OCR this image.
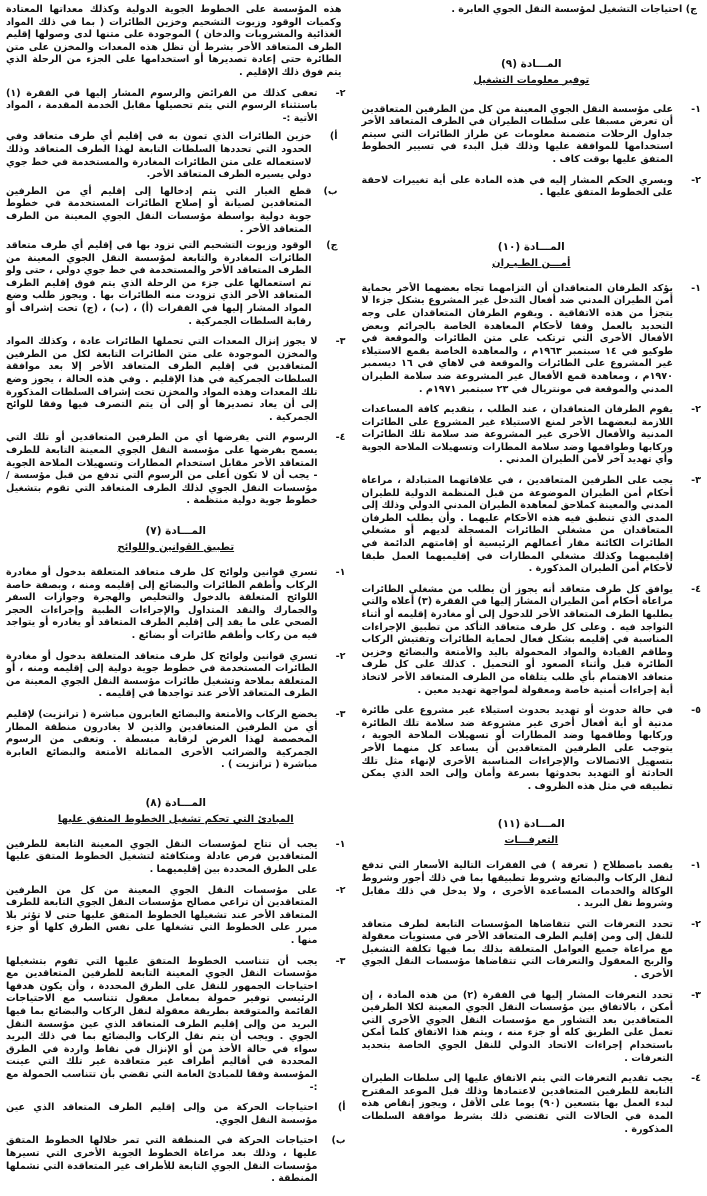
ج) احتياجات التشغيل لمؤسسة النقل الجوي العابرة .
المـــادة (٩)
توفير معلومات التشغيل
١-
على مؤسسة النقل الجوي المعينة من كل من الطرفين المتعاقدين أن تعرض مسبقا على سلطات الطيران في الطرف المتعاقد الأخر جداول الرحلات متضمنة معلومات عن طراز الطائرات التي سيتم استخدامها للموافقة عليها وذلك قبل البدء في تسيير الخطوط المتفق عليها بوقت كاف .
٢-
ويسري الحكم المشار إليه في هذه المادة على أية تغييرات لاحقة على الخطوط المتفق عليها .
المـــادة (١٠)
أمـــن الطـيـران
١-
يؤكد الطرفان المتعاقدان أن التزامهما تجاه بعضهما الأخر بحماية أمن الطيران المدني ضد أفعال التدخل غير المشروع يشكل جزءا لا يتجزأ من هذه الاتفاقية . ويقوم الطرفان المتعاقدان على وجه التحديد بالعمل وفقا لأحكام المعاهدة الخاصة بالجرائم وبعض الأفعال الأخرى التي ترتكب على متن الطائرات والموقعة في طوكيو في ١٤ سبتمبر ١٩٦٣م ، والمعاهدة الخاصة بقمع الاستيلاء غير المشروع على الطائرات والموقعة في لاهاي في ١٦ ديسمبر ١٩٧٠م ، ومعاهدة قمع الأفعال غير المشروعة ضد سلامة الطيران المدني والموقعة في مونتريال في ٢٣ سبتمبر ١٩٧١م .
٢-
يقوم الطرفان المتعاقدان ، عند الطلب ، بتقديم كافة المساعدات اللازمة لبعضهما الأخر لمنع الاستيلاء غير المشروع على الطائرات المدنية والأفعال الأخرى غير المشروعة ضد سلامة تلك الطائرات وركابها وطواقمها وضد سلامة المطارات وتسهيلات الملاحة الجوية وأي تهديد آخر لأمن الطيران المدني .
٣-
يجب على الطرفين المتعاقدين ، في علاقاتهما المتبادلة ، مراعاة أحكام أمن الطيران الموضوعة من قبل المنظمة الدولية للطيران المدني والمعينة كملاحق لمعاهدة الطيران المدني الدولي وذلك إلى المدى الذي تنطبق فيه هذه الأحكام عليهما . وأن يطلب الطرفان المتعاقدان من مشغلي الطائرات المسجلة لديهم أو مشغلي الطائرات الكائنة مقار أعمالهم الرئيسية أو إقامتهم الدائمة في إقليميهما وكذلك مشغلي المطارات في إقليميهما العمل طبقا لأحكام أمن الطيران المذكورة .
٤-
يوافق كل طرف متعاقد أنه يجوز أن يطلب من مشغلي الطائرات مراعاة أحكام أمن الطيران المشار إليها في الفقرة (٣) أعلاه والتي يطلبها الطرف المتعاقد الأخر للدخول إلى أو مغادرة إقليمه أو أثناء التواجد فيه . وعلى كل طرف متعاقد التأكد من تطبيق الإجراءات المناسبة في إقليمه بشكل فعال لحماية الطائرات وتفتيش الركاب وطاقم القيادة والمواد المحمولة باليد والأمتعة والبضائع وخزين الطائرة قبل وأثناء الصعود أو التحميل . كذلك على كل طرف متعاقد الاهتمام بأي طلب يتلقاه من الطرف المتعاقد الأخر لاتخاذ أية إجراءات أمنية خاصة ومعقولة لمواجهة تهديد معين .
٥-
في حالة حدوث أو تهديد بحدوث استيلاء غير مشروع على طائرة مدنية أو أية أفعال أخرى غير مشروعة ضد سلامة تلك الطائرة وركابها وطاقمها وضد المطارات أو تسهيلات الملاحة الجوية ، يتوجب على الطرفين المتعاقدين أن يساعد كل منهما الأخر بتسهيل الاتصالات والإجراءات المناسبة الأخرى لإنهاء مثل تلك الحادثة أو التهديد بحدوثها بسرعة وأمان وإلى الحد الذي يمكن تطبيقه في مثل هذه الظروف .
المـــادة (١١)
التعرفـــات
١-
يقصد باصطلاح ( تعرفة ) في الفقرات التالية الأسعار التي تدفع لنقل الركاب والبضائع وشروط تطبيقها بما في ذلك أجور وشروط الوكالة والخدمات المساعدة الأخرى ، ولا يدخل في ذلك مقابل وشروط نقل البريد .
٢-
تحدد التعرفات التي تتقاضاها المؤسسات التابعة لطرف متعاقد للنقل إلى ومن إقليم الطرف المتعاقد الأخر في مستويات معقولة مع مراعاة جميع العوامل المتعلقة بذلك بما فيها تكلفة التشغيل والربح المعقول والتعرفات التي تتقاضاها مؤسسات النقل الجوي الأخرى .
٣-
تحدد التعرفات المشار إليها في الفقرة (٢) من هذه المادة ، إن أمكن ، بالاتفاق بين مؤسسات النقل الجوي المعينة لكلا الطرفين المتعاقدين بعد التشاور مع مؤسسات النقل الجوي الأخرى التي تعمل على الطريق كله أو جزء منه ، ويتم هذا الاتفاق كلما أمكن باستخدام إجراءات الاتحاد الدولي للنقل الجوي الخاصة بتحديد التعرفات .
٤-
يجب تقديم التعرفات التي يتم الاتفاق عليها إلى سلطات الطيران التابعة للطرفين المتعاقدين لاعتمادها وذلك قبل الموعد المقترح لبدء العمل بها بتسعين (٩٠) يوما على الأقل ، ويجوز إنقاص هذه المدة في الحالات التي تقتضي ذلك بشرط موافقة السلطات المذكورة .
هذه المؤسسة على الخطوط الجوية الدولية وكذلك معداتها المعتادة وكميات الوقود وزيوت التشحيم وخزين الطائرات ( بما في ذلك المواد الغذائية والمشروبات والدخان ) الموجودة على متنها لدى وصولها إقليم الطرف المتعاقد الأخر بشرط أن تظل هذه المعدات والمخزن على متن الطائرة حتى إعادة تصديرها أو استخدامها على الجزء من الرحلة الذي يتم فوق ذلك الإقليم .
٢-
تعفى كذلك من الفرائض والرسوم المشار إليها في الفقرة (١) باستثناء الرسوم التي يتم تحصيلها مقابل الخدمة المقدمة ، المواد الأتية :-
أ)
خزين الطائرات الذي تمون به في إقليم أي طرف متعاقد وفي الحدود التي تحددها السلطات التابعة لهذا الطرف المتعاقد وذلك لاستعماله على متن الطائرات المغادرة والمستخدمة في خط جوي دولي يسيره الطرف المتعاقد الأخر.
ب)
قطع الغيار التي يتم إدخالها إلى إقليم أي من الطرفين المتعاقدين لصيانة أو إصلاح الطائرات المستخدمة في خطوط جوية دولية بواسطة مؤسسات النقل الجوي المعينة من الطرف المتعاقد الأخر .
ج)
الوقود وزيوت التشحيم التي تزود بها في إقليم أي طرف متعاقد الطائرات المغادرة والتابعة لمؤسسة النقل الجوي المعينة من الطرف المتعاقد الأخر والمستخدمة في خط جوي دولي ، حتى ولو تم استعمالها على جزء من الرحلة الذي يتم فوق إقليم الطرف المتعاقد الأخر الذي تزودت منه الطائرات بها . ويجوز طلب وضع المواد المشار إليها في الفقرات (أ) ، (ب) ، (ج) تحت إشراف أو رقابة السلطات الجمركية .
٣-
لا يجوز إنزال المعدات التي تحملها الطائرات عادة ، وكذلك المواد والمخزن الموجودة على متن الطائرات التابعة لكل من الطرفين المتعاقدين في إقليم الطرف المتعاقد الأخر إلا بعد موافقة السلطات الجمركية في هذا الإقليم . وفي هذه الحالة ، يجوز وضع تلك المعدات وهذه المواد والمخزن تحت إشراف السلطات المذكورة إلى أن يعاد تصديرها أو إلى أن يتم التصرف فيها وفقا للوائح الجمركية .
٤-
الرسوم التي يفرضها أي من الطرفين المتعاقدين أو تلك التي يسمح بفرضها على مؤسسة النقل الجوي المعينة التابعة للطرف المتعاقد الأخر مقابل استخدام المطارات وتسهيلات الملاحة الجوية - يجب أن لا تكون أعلى من الرسوم التي تدفع من قبل مؤسسة / مؤسسات النقل الجوي لذلك الطرف المتعاقد التي تقوم بتشغيل خطوط جوية دولية منتظمة .
المـــادة (٧)
تطبيق القوانين واللوائح
١-
تسري قوانين ولوائح كل طرف متعاقد المتعلقة بدخول أو مغادرة الركاب وأطقم الطائرات والبضائع إلى إقليمه ومنه ، وبصفة خاصة اللوائح المتعلقة بالدخول والتخليص والهجرة وجوازات السفر والجمارك والنقد المتداول والإجراءات الطبية وإجراءات الحجر الصحي على ما يفد إلى إقليم الطرف المتعاقد أو يغادره أو يتواجد فيه من ركاب وأطقم طائرات أو بضائع .
٢-
تسري قوانين ولوائح كل طرف متعاقد المتعلقة بدخول أو مغادرة الطائرات المستخدمة في خطوط جوية دولية إلى إقليمه ومنه ، أو المتعلقة بملاحة وتشغيل طائرات مؤسسة النقل الجوي المعينة من الطرف المتعاقد الأخر عند تواجدها في إقليمه .
٣-
يخضع الركاب والأمتعة والبضائع العابرون مباشرة ( ترانزيت) لإقليم أي من الطرفين المتعاقدين والذين لا يغادرون منطقة المطار المخصصة لهذا الغرض لرقابة مبسطة . وتعفى من الرسوم الجمركية والضرائب الأخرى المماثلة الأمتعة والبضائع العابرة مباشرة ( ترانزيت ) .
المـــادة (٨)
المبادئ التي تحكم تشغيل الخطوط المتفق عليها
١-
يجب أن تتاح لمؤسسات النقل الجوي المعينة التابعة للطرفين المتعاقدين فرص عادلة ومتكافئة لتشغيل الخطوط المتفق عليها على الطرق المحددة بين إقليميهما .
٢-
على مؤسسات النقل الجوي المعينة من كل من الطرفين المتعاقدين أن تراعي مصالح مؤسسات النقل الجوي التابعة للطرف المتعاقد الأخر عند تشغيلها الخطوط المتفق عليها حتى لا تؤثر بلا مبرر على الخطوط التي تشغلها على نفس الطرق كلها أو جزء منها .
٣-
يجب أن تتناسب الخطوط المتفق عليها التي تقوم بتشغيلها مؤسسات النقل الجوي المعينة التابعة للطرفين المتعاقدين مع احتياجات الجمهور للنقل على الطرق المحددة ، وأن يكون هدفها الرئيسي توفير حمولة بمعامل معقول تتناسب مع الاحتياجات القائمة والمتوقعة بطريقة معقولة لنقل الركاب والبضائع بما فيها البريد من وإلى إقليم الطرف المتعاقد الذي عين مؤسسة النقل الجوي . ويجب أن يتم نقل الركاب والبضائع بما في ذلك البريد سواء في حالة الأخذ من أو الإنزال في نقاط واردة في الطرق المحددة في أقاليم أطراف غير متعاقدة غير تلك التي عينت المؤسسة وفقا للمبادئ العامة التي تقضي بأن تتناسب الحمولة مع :-
أ)
احتياجات الحركة من وإلى إقليم الطرف المتعاقد الذي عين مؤسسة النقل الجوي.
ب)
احتياجات الحركة في المنطقة التي تمر خلالها الخطوط المتفق عليها ، وذلك بعد مراعاة الخطوط الجوية الأخرى التي تسيرها مؤسسات النقل الجوي التابعة للأطراف غير المتعاقدة التي تشملها المنطقة .
